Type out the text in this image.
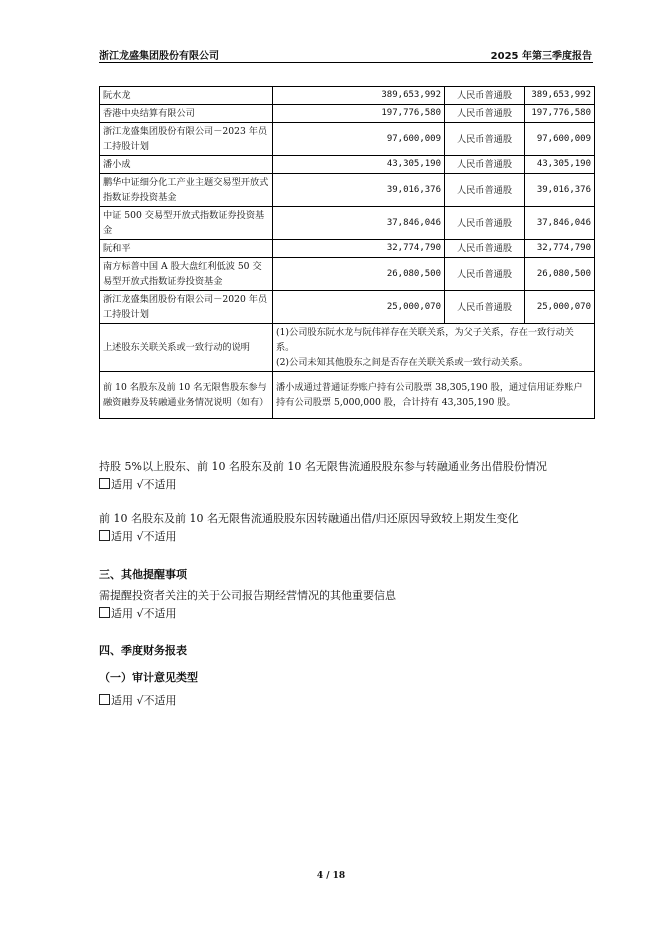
浙江龙盛集团股份有限公司	2025 年第三季度报告
阮水龙	389,653,992	人民币普通股	389,653,992
香港中央结算有限公司	197,776,580	人民币普通股	197,776,580
浙江龙盛集团股份有限公司－2023 年员工持股计划	97,600,009	人民币普通股	97,600,009
潘小成	43,305,190	人民币普通股	43,305,190
鹏华中证细分化工产业主题交易型开放式指数证券投资基金	39,016,376	人民币普通股	39,016,376
中证 500 交易型开放式指数证券投资基金	37,846,046	人民币普通股	37,846,046
阮和平	32,774,790	人民币普通股	32,774,790
南方标普中国 A 股大盘红利低波 50 交易型开放式指数证券投资基金	26,080,500	人民币普通股	26,080,500
浙江龙盛集团股份有限公司－2020 年员工持股计划	25,000,070	人民币普通股	25,000,070
上述股东关联关系或一致行动的说明	(1)公司股东阮水龙与阮伟祥存在关联关系，为父子关系，存在一致行动关系。
(2)公司未知其他股东之间是否存在关联关系或一致行动关系。		

前 10 名股东及前 10 名无限售股东参与融资融券及转融通业务情况说明（如有）	潘小成通过普通证券账户持有公司股票 38,305,190 股，通过信用证券账户持有公司股票 5,000,000 股，合计持有 43,305,190 股。		
持股 5%以上股东、前 10 名股东及前 10 名无限售流通股股东参与转融通业务出借股份情况
适用 √不适用
前 10 名股东及前 10 名无限售流通股股东因转融通出借/归还原因导致较上期发生变化
适用 √不适用
三、其他提醒事项
需提醒投资者关注的关于公司报告期经营情况的其他重要信息
适用 √不适用
四、季度财务报表
（一）审计意见类型
适用 √不适用
4 / 18
